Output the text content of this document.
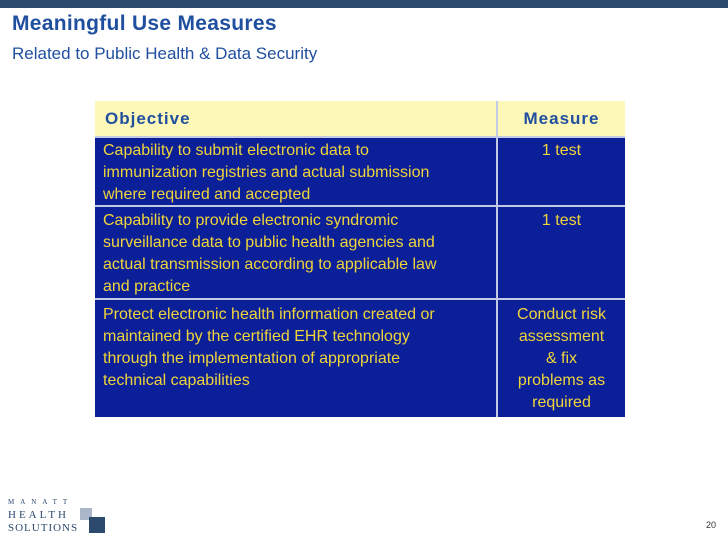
Meaningful Use Measures
Related to Public Health & Data Security
Objective	Measure
Capability to submit electronic data to
immunization registries and actual submission
where required and accepted
1 test
Capability to provide electronic syndromic
surveillance data to public health agencies and
actual transmission according to applicable law
and practice
1 test
Protect electronic health information created or
maintained by the certified EHR technology
through the implementation of appropriate
technical capabilities
Conduct risk
assessment
& fix
problems as
required
MANATT
HEALTH
SOLUTIONS	20
